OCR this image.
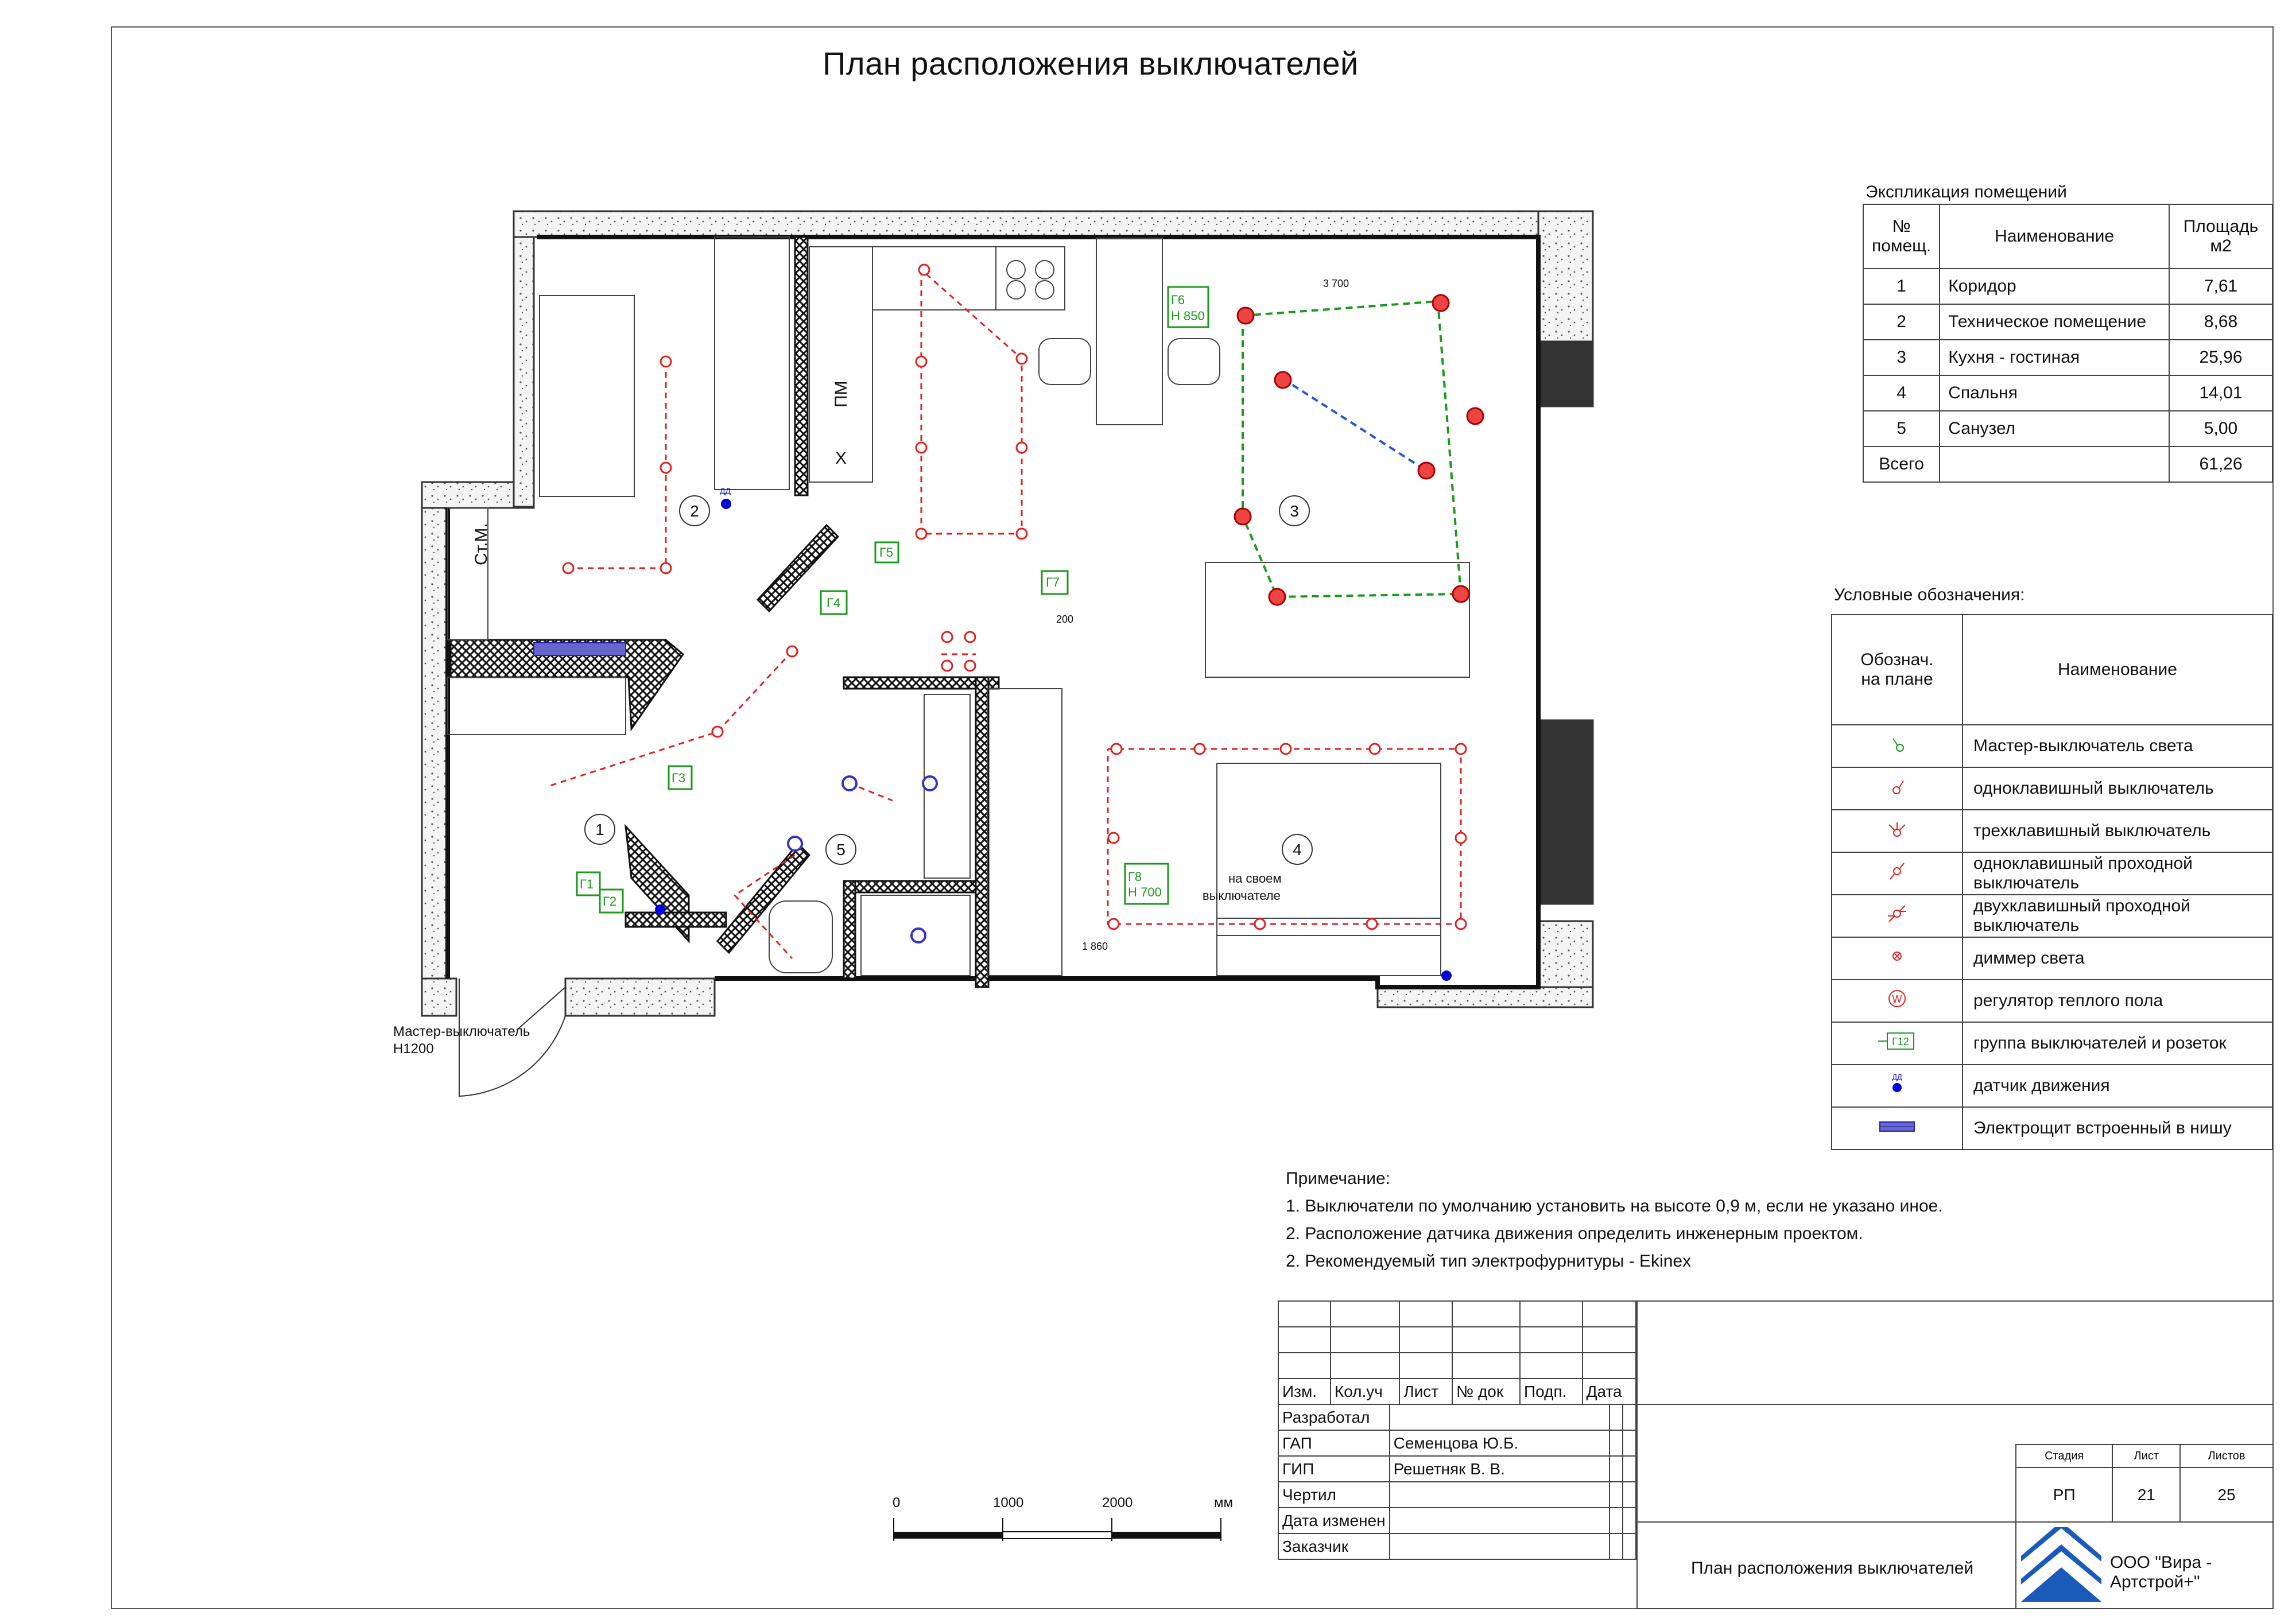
План расположения выключателей
ДД
Г1
Г2
Г3
Г4
Г5
Г6
Н 850
Г7
Г8
Н 700
2	3
1
5	4
Ст.М.
ПМ
Х
3 700
1 860
200
на своем выключателе
Мастер-выключатель Н1200
Экспликация помещений
№
помещ.	Наименование	Площадь
м2
1	Коридор	7,61
2	Техническое помещение	8,68
3	Кухня - гостиная	25,96
4	Спальня	14,01
5	Санузел	5,00
Всего		61,26
Условные обозначения:
Обознач.
на плане	Наименование
	Мастер-выключатель света
	одноклавишный выключатель
	трехклавишный выключатель
	одноклавишный проходной выключатель
	двухклавишный проходной выключатель
	диммер света

W	регулятор теплого пола

Г12	группа выключателей и розеток

ДД	датчик движения
	Электрощит встроенный в нишу
Примечание:
1. Выключатели по умолчанию установить на высоте 0,9 м, если не указано иное.
2. Расположение датчика движения определить инженерным проектом.
2. Рекомендуемый тип электрофурнитуры - Ekinex
0	1000	2000	мм

Изм.	Кол.уч	Лист	№ док	Подп.	Дата
Разработал			
ГАП	Семенцова Ю.Б.		
ГИП	Решетняк В. В.		
Чертил			
Дата изменен			
Заказчик			
Стадия	Лист	Листов
РП	21	25
План расположения выключателей	ООО "Вира - Артстрой+"
